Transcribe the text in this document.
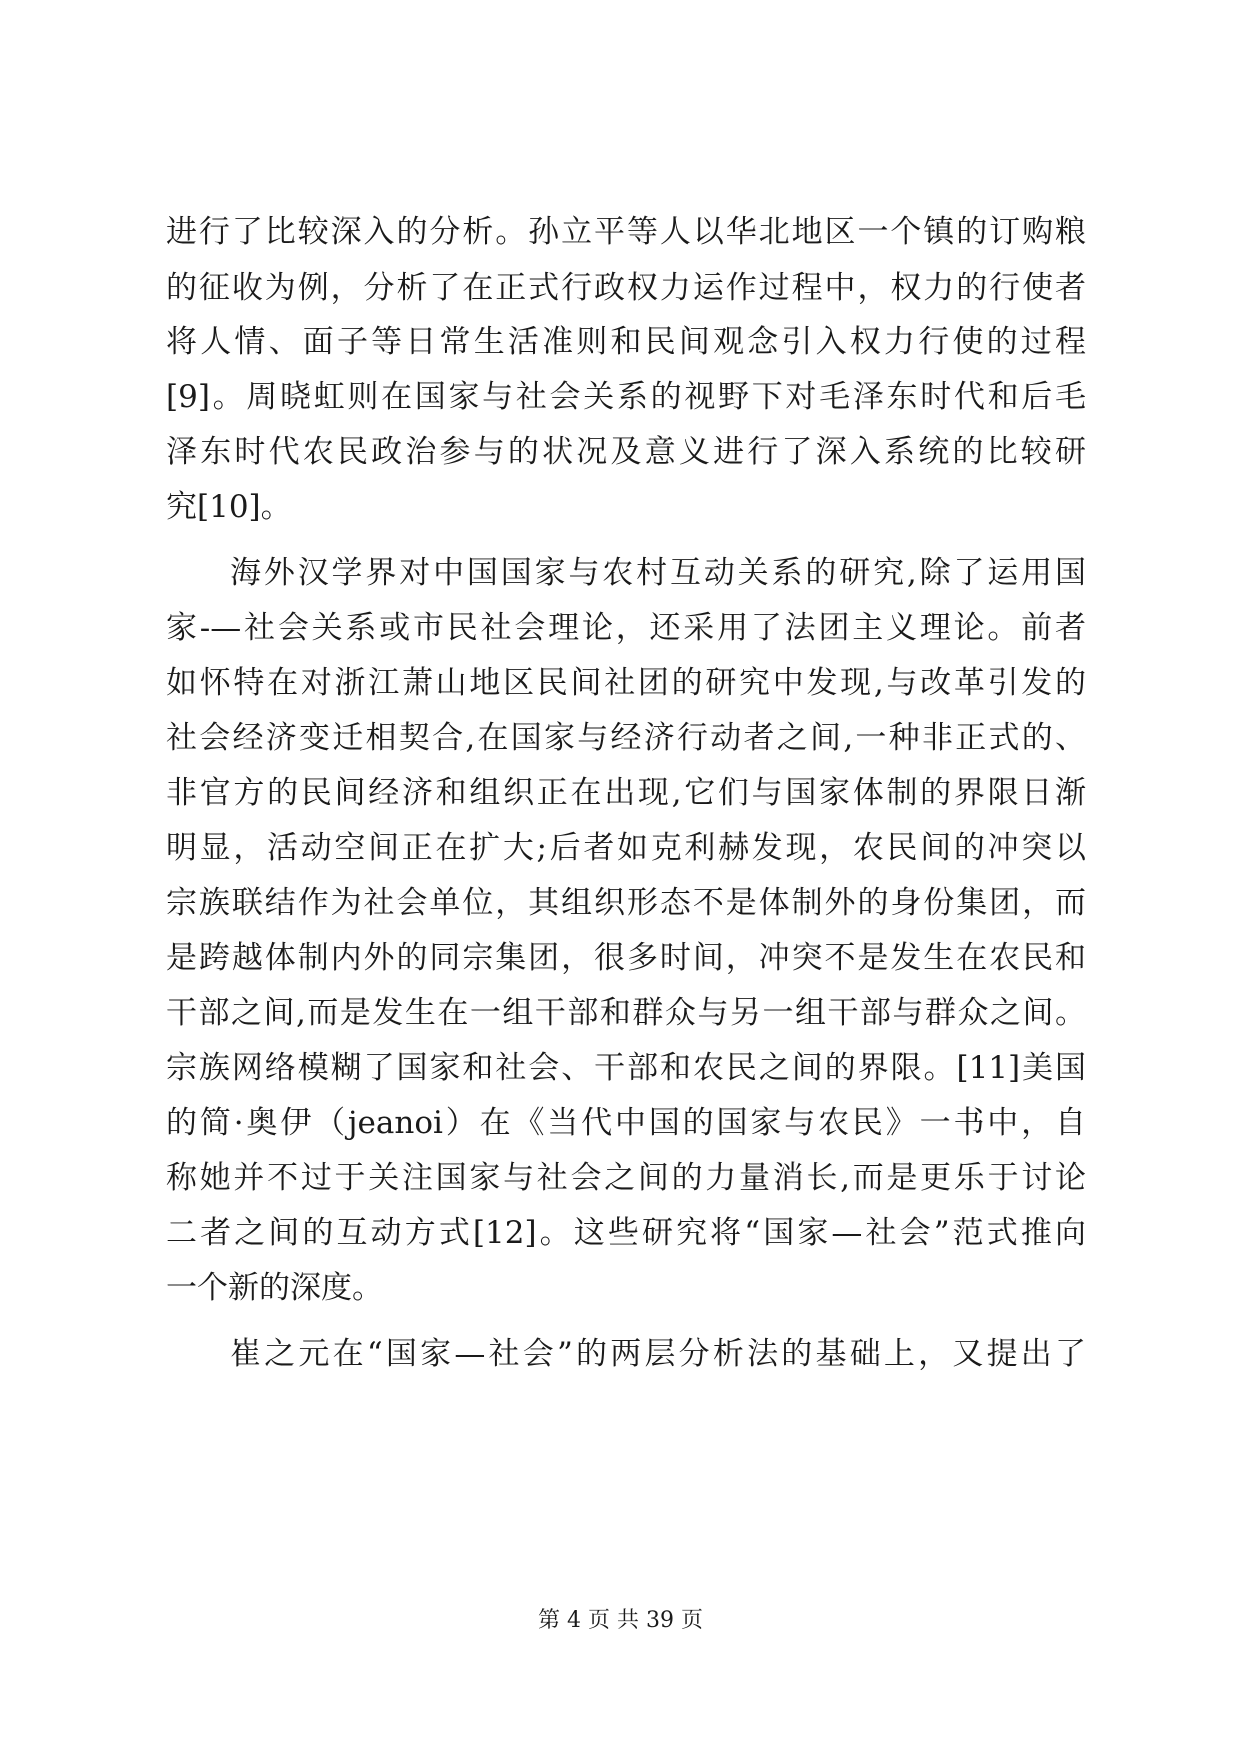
进行了比较深入的分析。孙立平等人以华北地区一个镇的订购粮
的征收为例，分析了在正式行政权力运作过程中，权力的行使者
将人情、面子等日常生活准则和民间观念引入权力行使的过程
[9]。周晓虹则在国家与社会关系的视野下对毛泽东时代和后毛
泽东时代农民政治参与的状况及意义进行了深入系统的比较研
究[10]。
海外汉学界对中国国家与农村互动关系的研究,除了运用国
家-—社会关系或市民社会理论，还采用了法团主义理论。前者
如怀特在对浙江萧山地区民间社团的研究中发现,与改革引发的
社会经济变迁相契合,在国家与经济行动者之间,一种非正式的、
非官方的民间经济和组织正在出现,它们与国家体制的界限日渐
明显，活动空间正在扩大;后者如克利赫发现，农民间的冲突以
宗族联结作为社会单位，其组织形态不是体制外的身份集团，而
是跨越体制内外的同宗集团，很多时间，冲突不是发生在农民和
干部之间,而是发生在一组干部和群众与另一组干部与群众之间。
宗族网络模糊了国家和社会、干部和农民之间的界限。[11]美国
的简·奥伊（jeanoi）在《当代中国的国家与农民》一书中，自
称她并不过于关注国家与社会之间的力量消长,而是更乐于讨论
二者之间的互动方式[12]。这些研究将“国家—社会”范式推向
一个新的深度。
崔之元在“国家—社会”的两层分析法的基础上，又提出了
第 4 页 共 39 页
